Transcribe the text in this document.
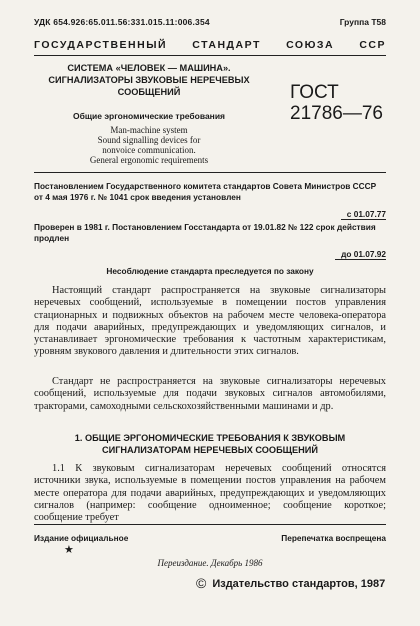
УДК 654.926:65.011.56:331.015.11:006.354	Группа Т58
ГОСУДАРСТВЕННЫЙ СТАНДАРТ СОЮЗА ССР
СИСТЕМА «ЧЕЛОВЕК — МАШИНА».
СИГНАЛИЗАТОРЫ ЗВУКОВЫЕ НЕРЕЧЕВЫХ
СООБЩЕНИЙ	ГОСТ
21786—76
Общие эргономические требования
Man-machine system
Sound signalling devices for
nonvoice communication.
General ergonomic requirements
Постановлением Государственного комитета стандартов Совета Министров СССР от 4 мая 1976 г. № 1041 срок введения установлен
с 01.07.77
Проверен в 1981 г. Постановлением Госстандарта от 19.01.82 № 122 срок действия продлен
до 01.07.92
Несоблюдение стандарта преследуется по закону
Настоящий стандарт распространяется на звуковые сигнализаторы неречевых сообщений, используемые в помещении постов управления стационарных и подвижных объектов на рабочем месте человека-оператора для подачи аварийных, предупреждающих и уведомляющих сигналов, и устанавливает эргономические требования к частотным характеристикам, уровням звукового давления и длительности этих сигналов.
Стандарт не распространяется на звуковые сигнализаторы неречевых сообщений, используемые для подачи звуковых сигналов автомобилями, тракторами, самоходными сельскохозяйственными машинами и др.
1. ОБЩИЕ ЭРГОНОМИЧЕСКИЕ ТРЕБОВАНИЯ К ЗВУКОВЫМ
СИГНАЛИЗАТОРАМ НЕРЕЧЕВЫХ СООБЩЕНИЙ
1.1 К звуковым сигнализаторам неречевых сообщений относятся источники звука, используемые в помещении постов управления на рабочем месте оператора для подачи аварийных, предупреждающих и уведомляющих сигналов (например: сообщение одноименное; сообщение короткое; сообщение требует
Издание официальное	Перепечатка воспрещена
★
Переиздание. Декабрь 1986
© Издательство стандартов, 1987
